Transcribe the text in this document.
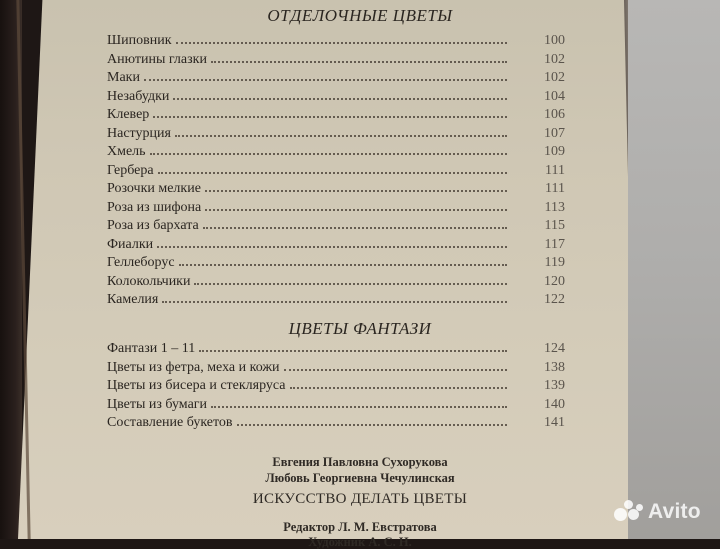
ОТДЕЛОЧНЫЕ ЦВЕТЫ
Шиповник	100
Анютины глазки	102
Маки	102
Незабудки	104
Клевер	106
Настурция	107
Хмель	109
Гербера	111
Розочки мелкие	111
Роза из шифона	113
Роза из бархата	115
Фиалки	117
Геллеборус	119
Колокольчики	120
Камелия	122
ЦВЕТЫ ФАНТАЗИ
Фантази 1 – 11	124
Цветы из фетра, меха и кожи	138
Цветы из бисера и стекляруса	139
Цветы из бумаги	140
Составление букетов	141
Евгения Павловна Сухорукова
Любовь Георгиевна Чечулинская
ИСКУССТВО ДЕЛАТЬ ЦВЕТЫ
Редактор Л. М. Евстратова
Художник А. С. Н.
Avito
